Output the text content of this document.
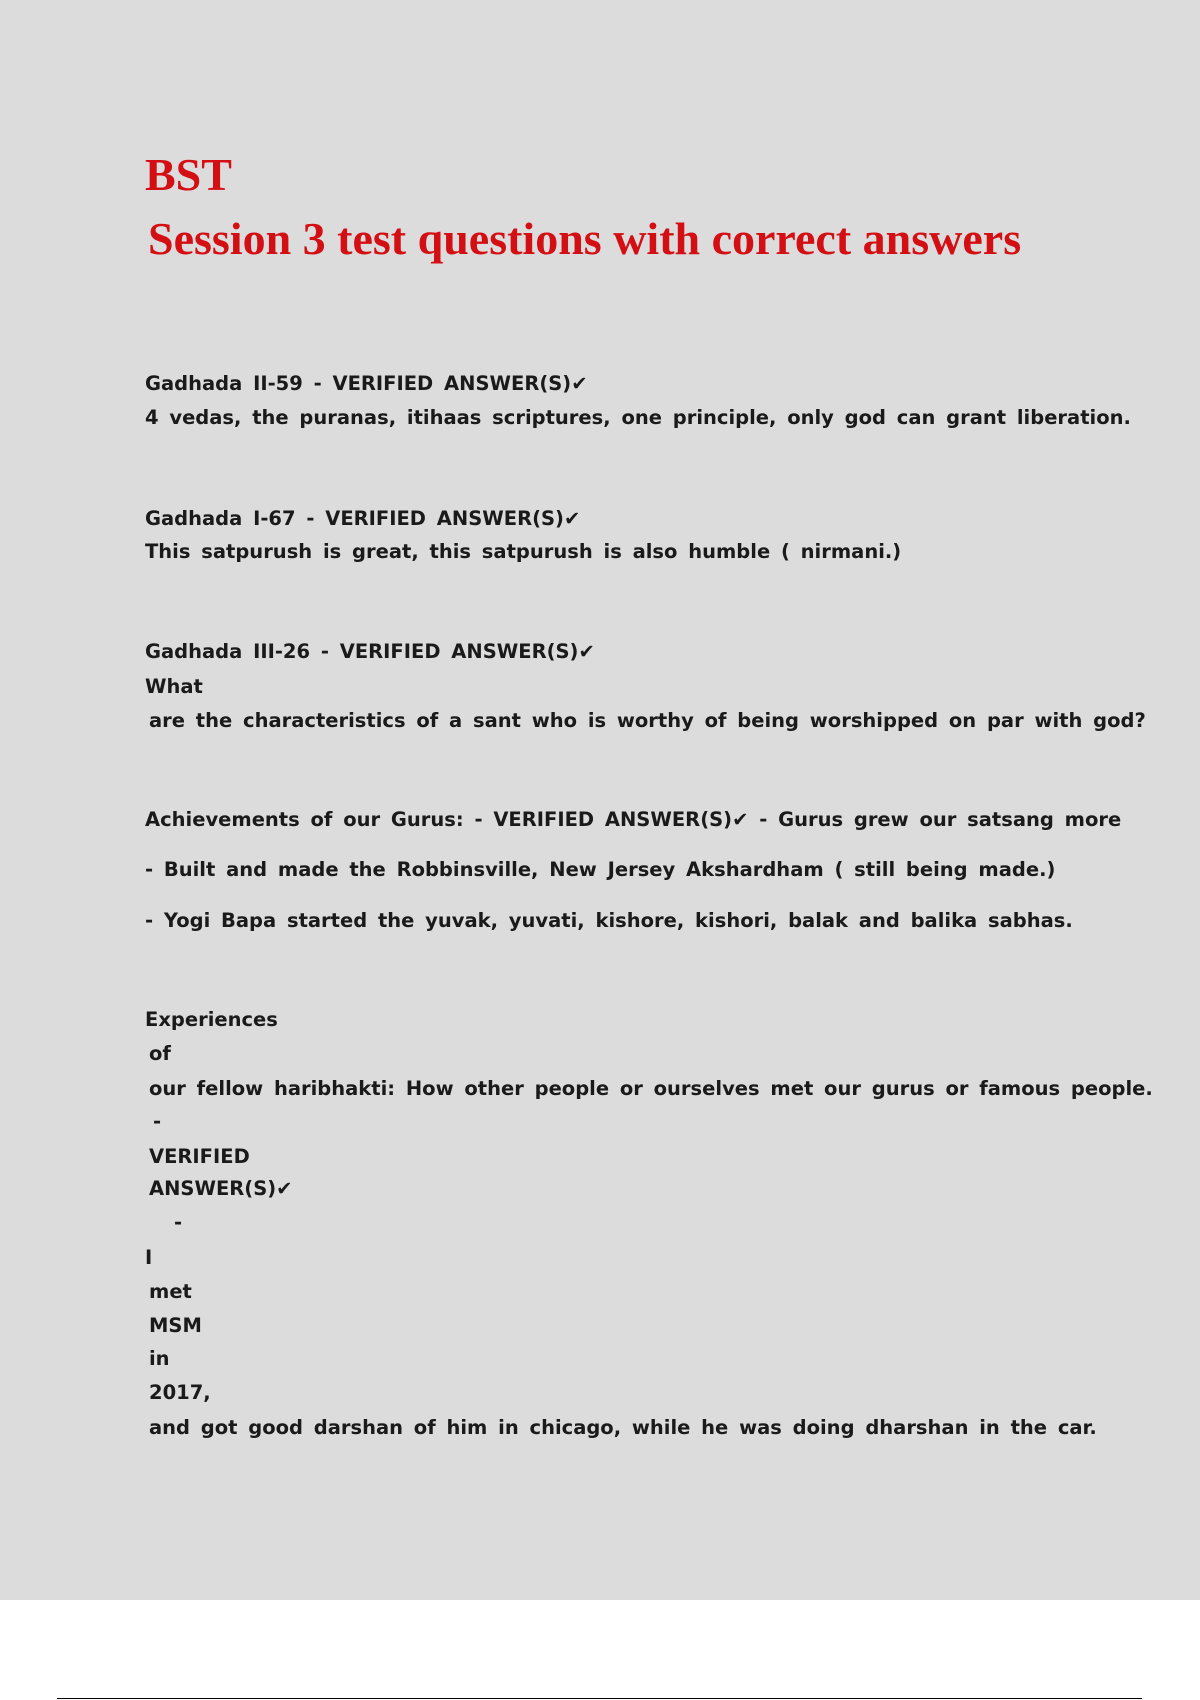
BST
Session 3 test questions with correct answers

Gadhada II-59 - VERIFIED ANSWER(S)✔

4 vedas, the puranas, itihaas scriptures, one principle, only god can grant liberation.

Gadhada I-67 - VERIFIED ANSWER(S)✔

This satpurush is great, this satpurush is also humble ( nirmani.)

Gadhada III-26 - VERIFIED ANSWER(S)✔

What

are the characteristics of a sant who is worthy of being worshipped on par with god?

Achievements of our Gurus: - VERIFIED ANSWER(S)✔ - Gurus grew our satsang more

- Built and made the Robbinsville, New Jersey Akshardham ( still being made.)

- Yogi Bapa started the yuvak, yuvati, kishore, kishori, balak and balika sabhas.

Experiences

of

our fellow haribhakti: How other people or ourselves met our gurus or famous people.

-

VERIFIED

ANSWER(S)✔

-

I

met

MSM

in

2017,

and got good darshan of him in chicago, while he was doing dharshan in the car.
